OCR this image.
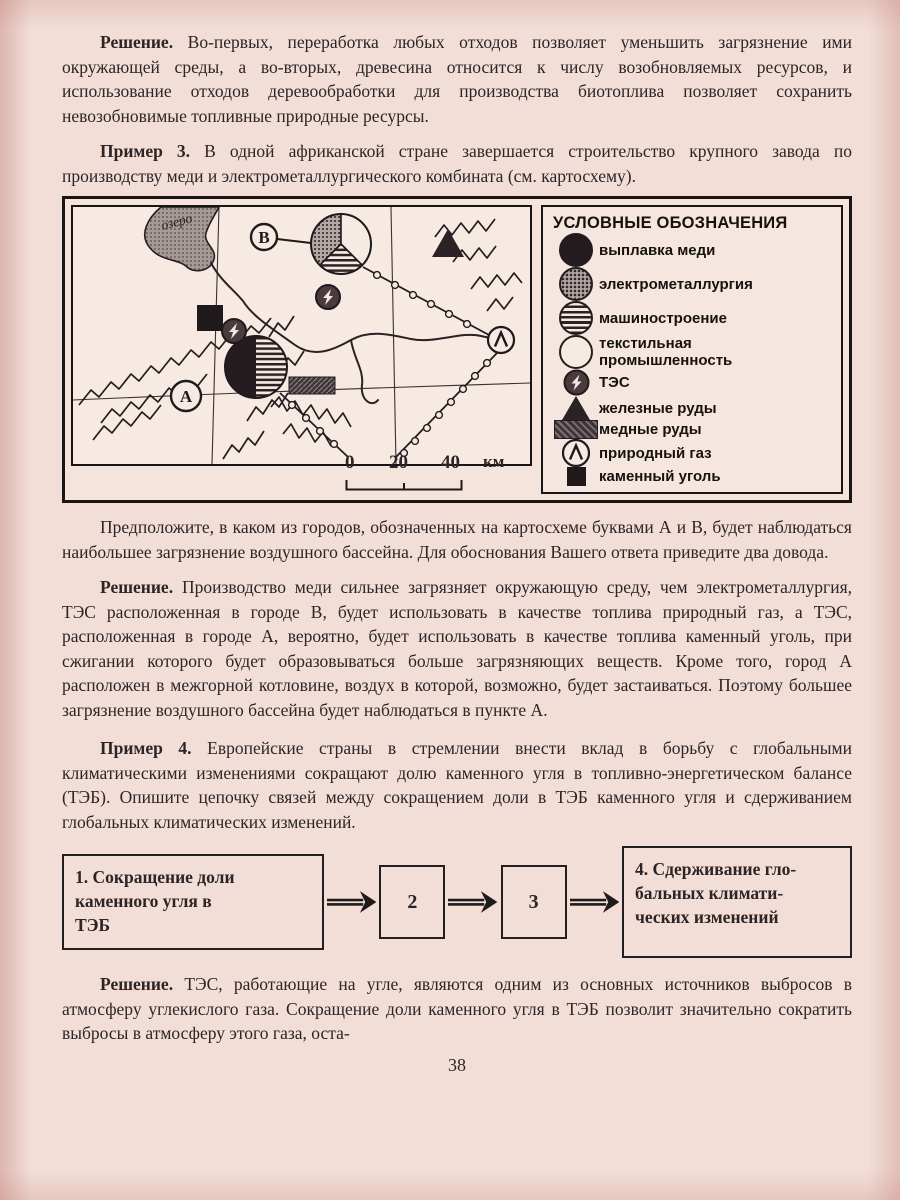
Решение. Во-первых, переработка любых отходов позволяет уменьшить загрязнение ими окружающей среды, а во-вторых, древесина относится к числу возобновляемых ресурсов, и использование отходов деревообработки для производства биотоплива позволяет сохранить невозобновимые топливные природные ресурсы.

Пример 3. В одной африканской стране завершается строительство крупного завода по производству меди и электрометаллургического комбината (см. картосхему).

озеро
В
А
0 20 40 км
УСЛОВНЫЕ ОБОЗНАЧЕНИЯ
выплавка меди
электрометаллургия
машиностроение
текстильная промышленность
ТЭС
железные руды
медные руды
природный газ
каменный уголь

Предположите, в каком из городов, обозначенных на картосхеме буквами А и В, будет наблюдаться наибольшее загрязнение воздушного бассейна. Для обоснования Вашего ответа приведите два довода.

Решение. Производство меди сильнее загрязняет окружающую среду, чем электрометаллургия, ТЭС расположенная в городе В, будет использовать в качестве топлива природный газ, а ТЭС, расположенная в городе А, вероятно, будет использовать в качестве топлива каменный уголь, при сжигании которого будет образовываться больше загрязняющих веществ. Кроме того, город А расположен в межгорной котловине, воздух в которой, возможно, будет застаиваться. Поэтому большее загрязнение воздушного бассейна будет наблюдаться в пункте А.

Пример 4. Европейские страны в стремлении внести вклад в борьбу с глобальными климатическими изменениями сокращают долю каменного угля в топливно-энергетическом балансе (ТЭБ). Опишите цепочку связей между сокращением доли в ТЭБ каменного угля и сдерживанием глобальных климатических изменений.

1. Сокращение доли
каменного угля в
ТЭБ
2	3
4. Сдерживание гло-
бальных климати-
ческих изменений

Решение. ТЭС, работающие на угле, являются одним из основных источников выбросов в атмосферу углекислого газа. Сокращение доли каменного угля в ТЭБ позволит значительно сократить выбросы в атмосферу этого газа, оста-

38
